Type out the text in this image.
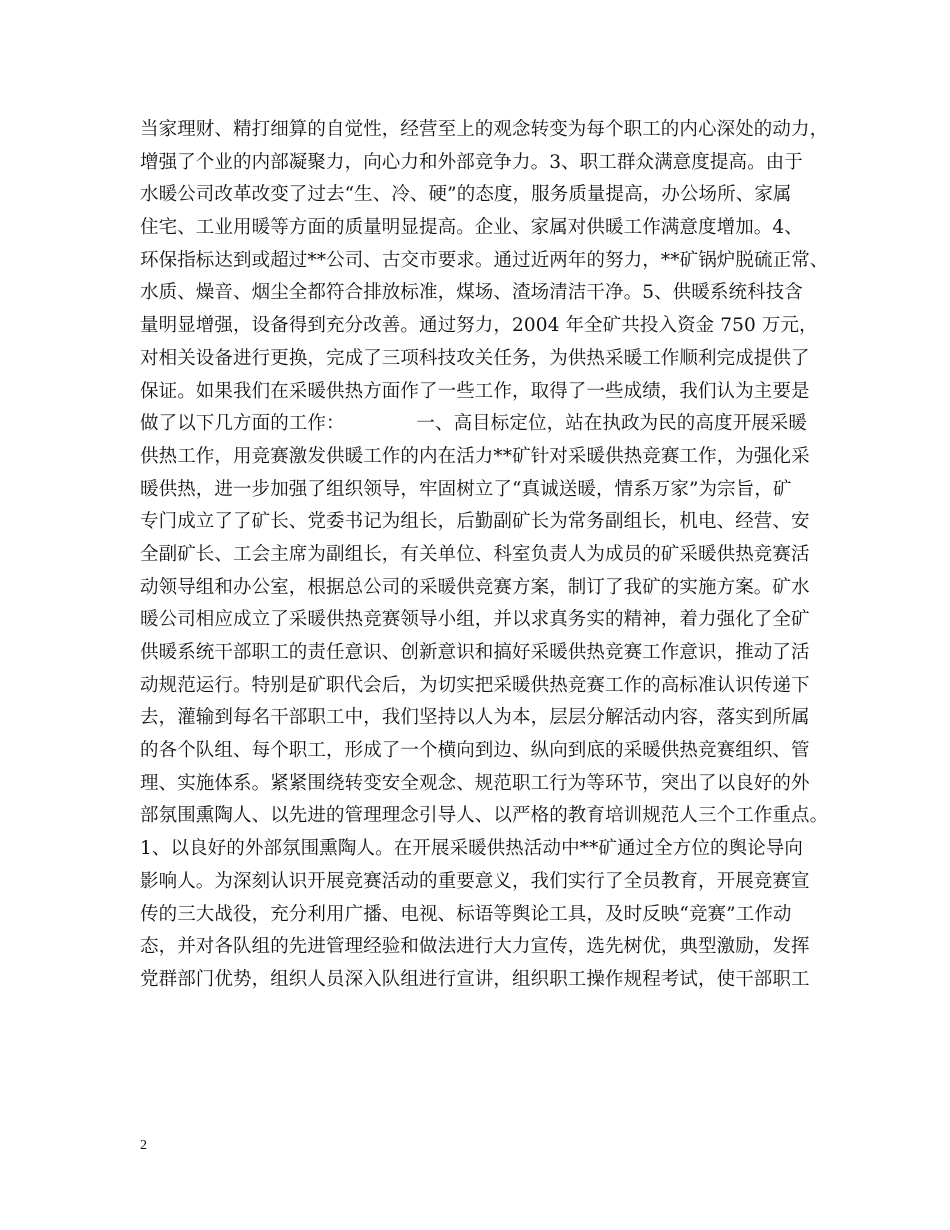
当家理财、精打细算的自觉性，经营至上的观念转变为每个职工的内心深处的动力，
增强了个业的内部凝聚力，向心力和外部竞争力。3、职工群众满意度提高。由于
水暖公司改革改变了过去“生、冷、硬”的态度，服务质量提高，办公场所、家属
住宅、工业用暖等方面的质量明显提高。企业、家属对供暖工作满意度增加。4、
环保指标达到或超过**公司、古交市要求。通过近两年的努力，**矿锅炉脱硫正常、
水质、燥音、烟尘全都符合排放标准，煤场、渣场清洁干净。5、供暖系统科技含
量明显增强，设备得到充分改善。通过努力，2004 年全矿共投入资金 750 万元，
对相关设备进行更换，完成了三项科技攻关任务，为供热采暖工作顺利完成提供了
保证。如果我们在采暖供热方面作了一些工作，取得了一些成绩，我们认为主要是
做了以下几方面的工作：            一、高目标定位，站在执政为民的高度开展采暖
供热工作，用竞赛激发供暖工作的内在活力**矿针对采暖供热竞赛工作，为强化采
暖供热，进一步加强了组织领导，牢固树立了“真诚送暖，情系万家”为宗旨，矿
专门成立了了矿长、党委书记为组长，后勤副矿长为常务副组长，机电、经营、安
全副矿长、工会主席为副组长，有关单位、科室负责人为成员的矿采暖供热竞赛活
动领导组和办公室，根据总公司的采暖供竞赛方案，制订了我矿的实施方案。矿水
暖公司相应成立了采暖供热竞赛领导小组，并以求真务实的精神，着力强化了全矿
供暖系统干部职工的责任意识、创新意识和搞好采暖供热竞赛工作意识，推动了活
动规范运行。特别是矿职代会后，为切实把采暖供热竞赛工作的高标准认识传递下
去，灌输到每名干部职工中，我们坚持以人为本，层层分解活动内容，落实到所属
的各个队组、每个职工，形成了一个横向到边、纵向到底的采暖供热竞赛组织、管
理、实施体系。紧紧围绕转变安全观念、规范职工行为等环节，突出了以良好的外
部氛围熏陶人、以先进的管理理念引导人、以严格的教育培训规范人三个工作重点。
1、以良好的外部氛围熏陶人。在开展采暖供热活动中**矿通过全方位的舆论导向
影响人。为深刻认识开展竞赛活动的重要意义，我们实行了全员教育，开展竞赛宣
传的三大战役，充分利用广播、电视、标语等舆论工具，及时反映“竞赛”工作动
态，并对各队组的先进管理经验和做法进行大力宣传，选先树优，典型激励，发挥
党群部门优势，组织人员深入队组进行宣讲，组织职工操作规程考试，使干部职工
2
